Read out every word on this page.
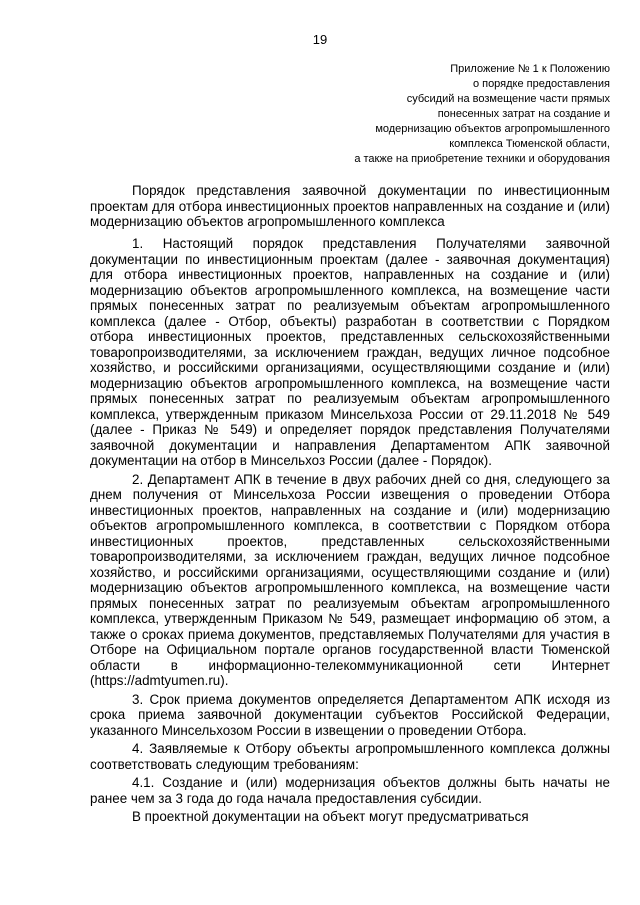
19
Приложение № 1 к Положению
о порядке предоставления
субсидий на возмещение части прямых
понесенных затрат на создание и
модернизацию объектов агропромышленного
комплекса Тюменской области,
а также на приобретение техники и оборудования

Порядок представления заявочной документации по инвестиционным проектам для отбора инвестиционных проектов направленных на создание и (или) модернизацию объектов агропромышленного комплекса

1. Настоящий порядок представления Получателями заявочной документации по инвестиционным проектам (далее - заявочная документация) для отбора инвестиционных проектов, направленных на создание и (или) модернизацию объектов агропромышленного комплекса, на возмещение части прямых понесенных затрат по реализуемым объектам агропромышленного комплекса (далее - Отбор, объекты) разработан в соответствии с Порядком отбора инвестиционных проектов, представленных сельскохозяйственными товаропроизводителями, за исключением граждан, ведущих личное подсобное хозяйство, и российскими организациями, осуществляющими создание и (или) модернизацию объектов агропромышленного комплекса, на возмещение части прямых понесенных затрат по реализуемым объектам агропромышленного комплекса, утвержденным приказом Минсельхоза России от 29.11.2018 № 549 (далее - Приказ № 549) и определяет порядок представления Получателями заявочной документации и направления Департаментом АПК заявочной документации на отбор в Минсельхоз России (далее - Порядок).

2. Департамент АПК в течение в двух рабочих дней со дня, следующего за днем получения от Минсельхоза России извещения о проведении Отбора инвестиционных проектов, направленных на создание и (или) модернизацию объектов агропромышленного комплекса, в соответствии с Порядком отбора инвестиционных проектов, представленных сельскохозяйственными товаропроизводителями, за исключением граждан, ведущих личное подсобное хозяйство, и российскими организациями, осуществляющими создание и (или) модернизацию объектов агропромышленного комплекса, на возмещение части прямых понесенных затрат по реализуемым объектам агропромышленного комплекса, утвержденным Приказом № 549, размещает информацию об этом, а также о сроках приема документов, представляемых Получателями для участия в Отборе на Официальном портале органов государственной власти Тюменской области в информационно-телекоммуникационной сети Интернет (https://admtyumen.ru).

3. Срок приема документов определяется Департаментом АПК исходя из срока приема заявочной документации субъектов Российской Федерации, указанного Минсельхозом России в извещении о проведении Отбора.

4. Заявляемые к Отбору объекты агропромышленного комплекса должны соответствовать следующим требованиям:

4.1. Создание и (или) модернизация объектов должны быть начаты не ранее чем за 3 года до года начала предоставления субсидии.

В проектной документации на объект могут предусматриваться
